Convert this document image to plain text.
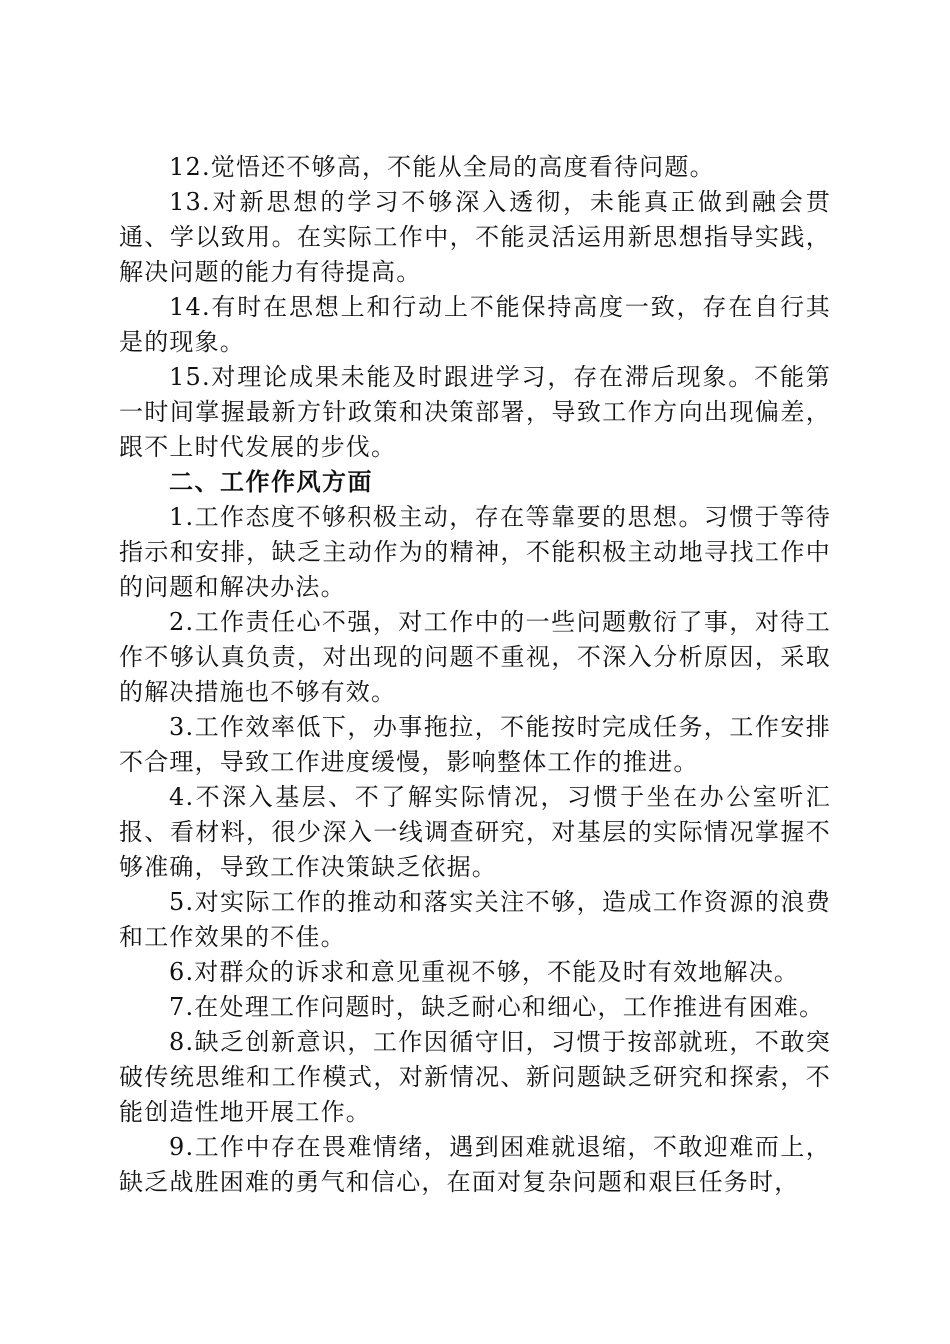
12.觉悟还不够高，不能从全局的高度看待问题。

13.对新思想的学习不够深入透彻，未能真正做到融会贯通、学以致用。在实际工作中，不能灵活运用新思想指导实践，解决问题的能力有待提高。

14.有时在思想上和行动上不能保持高度一致，存在自行其是的现象。

15.对理论成果未能及时跟进学习，存在滞后现象。不能第一时间掌握最新方针政策和决策部署，导致工作方向出现偏差，跟不上时代发展的步伐。

二、工作作风方面

1.工作态度不够积极主动，存在等靠要的思想。习惯于等待指示和安排，缺乏主动作为的精神，不能积极主动地寻找工作中的问题和解决办法。

2.工作责任心不强，对工作中的一些问题敷衍了事，对待工作不够认真负责，对出现的问题不重视，不深入分析原因，采取的解决措施也不够有效。

3.工作效率低下，办事拖拉，不能按时完成任务，工作安排不合理，导致工作进度缓慢，影响整体工作的推进。

4.不深入基层、不了解实际情况，习惯于坐在办公室听汇报、看材料，很少深入一线调查研究，对基层的实际情况掌握不够准确，导致工作决策缺乏依据。

5.对实际工作的推动和落实关注不够，造成工作资源的浪费和工作效果的不佳。

6.对群众的诉求和意见重视不够，不能及时有效地解决。

7.在处理工作问题时，缺乏耐心和细心，工作推进有困难。

8.缺乏创新意识，工作因循守旧，习惯于按部就班，不敢突破传统思维和工作模式，对新情况、新问题缺乏研究和探索，不能创造性地开展工作。

9.工作中存在畏难情绪，遇到困难就退缩，不敢迎难而上，缺乏战胜困难的勇气和信心，在面对复杂问题和艰巨任务时，
